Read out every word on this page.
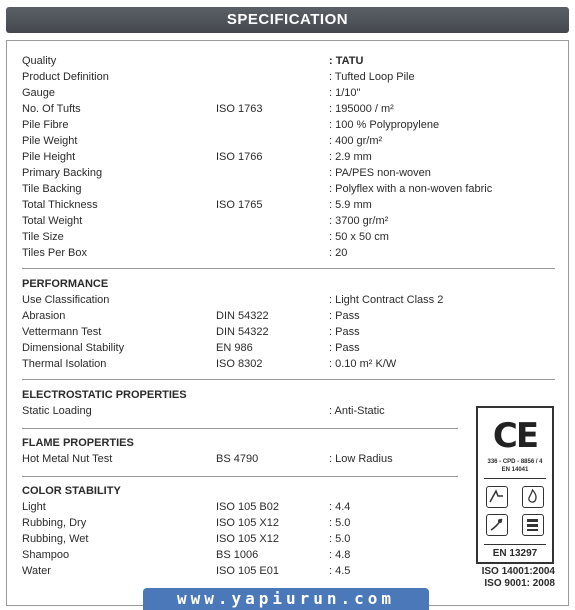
SPECIFICATION
Quality	: TATU
Product Definition	: Tufted Loop Pile
Gauge	: 1/10"
No. Of Tufts	ISO 1763	: 195000 / m²
Pile Fibre	: 100 % Polypropylene
Pile Weight	: 400 gr/m²
Pile Height	ISO 1766	: 2.9 mm
Primary Backing	: PA/PES non-woven
Tile Backing	: Polyflex with a non-woven fabric
Total Thickness	ISO 1765	: 5.9 mm
Total Weight	: 3700 gr/m²
Tile Size	: 50 x 50 cm
Tiles Per Box	: 20
PERFORMANCE
Use Classification	: Light Contract Class 2
Abrasion	DIN 54322	: Pass
Vettermann Test	DIN 54322	: Pass
Dimensional Stability	EN 986	: Pass
Thermal Isolation	ISO 8302	: 0.10 m² K/W
ELECTROSTATIC PROPERTIES
Static Loading	: Anti-Static
FLAME PROPERTIES
Hot Metal Nut Test	BS 4790	: Low Radius
COLOR STABILITY
Light	ISO 105 B02	: 4.4
Rubbing, Dry	ISO 105 X12	: 5.0
Rubbing, Wet	ISO 105 X12	: 5.0
Shampoo	BS 1006	: 4.8
Water	ISO 105 E01	: 4.5
CE
336 - CPD - 8856 / 4
EN 14041
EN 13297
ISO 14001:2004
ISO 9001: 2008
www.yapiurun.com
